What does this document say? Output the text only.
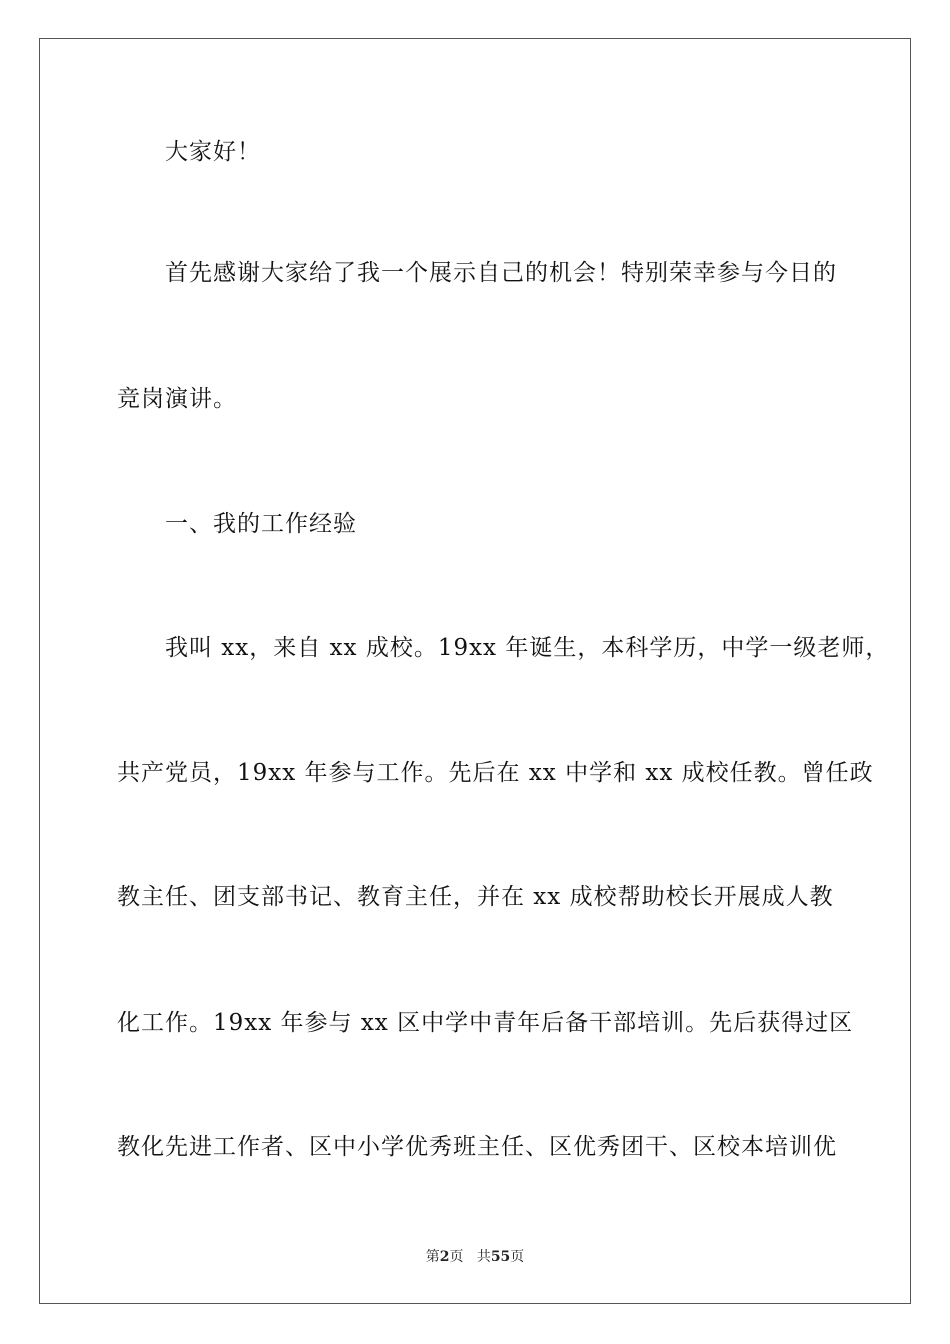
大家好！
首先感谢大家给了我一个展示自己的机会！特别荣幸参与今日的
竞岗演讲。
一、我的工作经验
我叫 xx，来自 xx 成校。19xx 年诞生，本科学历，中学一级老师，
共产党员，19xx 年参与工作。先后在 xx 中学和 xx 成校任教。曾任政
教主任、团支部书记、教育主任，并在 xx 成校帮助校长开展成人教
化工作。19xx 年参与 xx 区中学中青年后备干部培训。先后获得过区
教化先进工作者、区中小学优秀班主任、区优秀团干、区校本培训优
第2页 共55页
